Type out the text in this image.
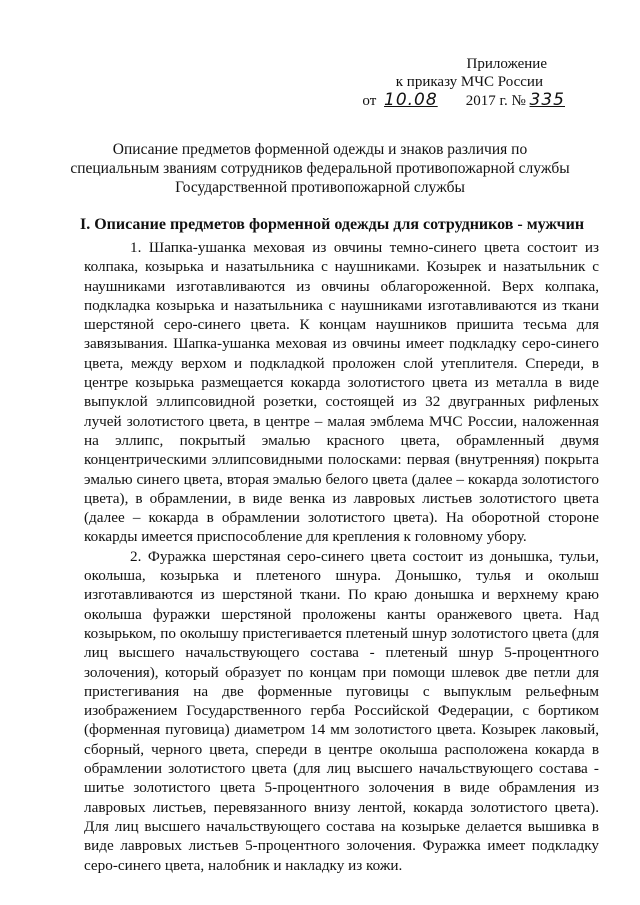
Приложение
к приказу МЧС России
от 10.08 2017 г. № 335
Описание предметов форменной одежды и знаков различия по
специальным званиям сотрудников федеральной противопожарной службы
Государственной противопожарной службы
I. Описание предметов форменной одежды для сотрудников - мужчин

1. Шапка-ушанка меховая из овчины темно-синего цвета состоит из колпака, козырька и назатыльника с наушниками. Козырек и назатыльник с наушниками изготавливаются из овчины облагороженной. Верх колпака, подкладка козырька и назатыльника с наушниками изготавливаются из ткани шерстяной серо-синего цвета. К концам наушников пришита тесьма для завязывания. Шапка-ушанка меховая из овчины имеет подкладку серо-синего цвета, между верхом и подкладкой проложен слой утеплителя. Спереди, в центре козырька размещается кокарда золотистого цвета из металла в виде выпуклой эллипсовидной розетки, состоящей из 32 двугранных рифленых лучей золотистого цвета, в центре – малая эмблема МЧС России, наложенная на эллипс, покрытый эмалью красного цвета, обрамленный двумя концентрическими эллипсовидными полосками: первая (внутренняя) покрыта эмалью синего цвета, вторая эмалью белого цвета (далее – кокарда золотистого цвета), в обрамлении, в виде венка из лавровых листьев золотистого цвета (далее – кокарда в обрамлении золотистого цвета). На оборотной стороне кокарды имеется приспособление для крепления к головному убору.

2. Фуражка шерстяная серо-синего цвета состоит из донышка, тульи, околыша, козырька и плетеного шнура. Донышко, тулья и околыш изготавливаются из шерстяной ткани. По краю донышка и верхнему краю околыша фуражки шерстяной проложены канты оранжевого цвета. Над козырьком, по околышу пристегивается плетеный шнур золотистого цвета (для лиц высшего начальствующего состава - плетеный шнур 5-процентного золочения), который образует по концам при помощи шлевок две петли для пристегивания на две форменные пуговицы с выпуклым рельефным изображением Государственного герба Российской Федерации, с бортиком (форменная пуговица) диаметром 14 мм золотистого цвета. Козырек лаковый, сборный, черного цвета, спереди в центре околыша расположена кокарда в обрамлении золотистого цвета (для лиц высшего начальствующего состава - шитье золотистого цвета 5-процентного золочения в виде обрамления из лавровых листьев, перевязанного внизу лентой, кокарда золотистого цвета). Для лиц высшего начальствующего состава на козырьке делается вышивка в виде лавровых листьев 5-процентного золочения. Фуражка имеет подкладку серо-синего цвета, налобник и накладку из кожи.
